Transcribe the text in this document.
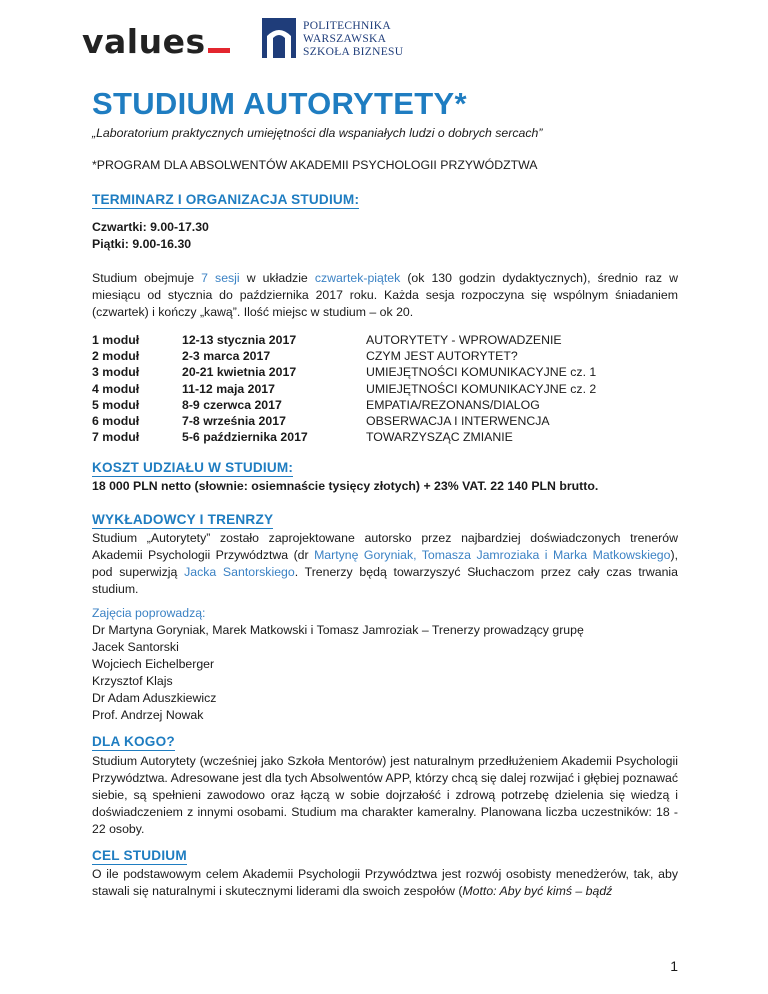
values	POLITECHNIKA
WARSZAWSKA
SZKOŁA BIZNESU
STUDIUM AUTORYTETY*
„Laboratorium praktycznych umiejętności dla wspaniałych ludzi o dobrych sercach”
*PROGRAM DLA ABSOLWENTÓW AKADEMII PSYCHOLOGII PRZYWÓDZTWA
TERMINARZ I ORGANIZACJA STUDIUM:
Czwartki: 9.00-17.30
Piątki: 9.00-16.30
Studium obejmuje 7 sesji w układzie czwartek-piątek (ok 130 godzin dydaktycznych), średnio raz w miesiącu od stycznia do października 2017 roku. Każda sesja rozpoczyna się wspólnym śniadaniem (czwartek) i kończy „kawą”. Ilość miejsc w studium – ok 20.
1 moduł	12-13 stycznia 2017	AUTORYTETY - WPROWADZENIE
2 moduł	2-3 marca 2017	CZYM JEST AUTORYTET?
3 moduł	20-21 kwietnia 2017	UMIEJĘTNOŚCI KOMUNIKACYJNE cz. 1
4 moduł	11-12 maja 2017	UMIEJĘTNOŚCI KOMUNIKACYJNE cz. 2
5 moduł	8-9 czerwca 2017	EMPATIA/REZONANS/DIALOG
6 moduł	7-8 września 2017	OBSERWACJA I INTERWENCJA
7 moduł	5-6 października 2017	TOWARZYSZĄC ZMIANIE
KOSZT UDZIAŁU W STUDIUM:
18 000 PLN netto (słownie: osiemnaście tysięcy złotych) + 23% VAT. 22 140 PLN brutto.
WYKŁADOWCY I TRENRZY
Studium „Autorytety” zostało zaprojektowane autorsko przez najbardziej doświadczonych trenerów Akademii Psychologii Przywództwa (dr Martynę Goryniak, Tomasza Jamroziaka i Marka Matkowskiego), pod superwizją Jacka Santorskiego. Trenerzy będą towarzyszyć Słuchaczom przez cały czas trwania studium.
Zajęcia poprowadzą:
Dr Martyna Goryniak, Marek Matkowski i Tomasz Jamroziak – Trenerzy prowadzący grupę
Jacek Santorski
Wojciech Eichelberger
Krzysztof Klajs
Dr Adam Aduszkiewicz
Prof. Andrzej Nowak
DLA KOGO?
Studium Autorytety (wcześniej jako Szkoła Mentorów) jest naturalnym przedłużeniem Akademii Psychologii Przywództwa. Adresowane jest dla tych Absolwentów APP, którzy chcą się dalej rozwijać i głębiej poznawać siebie, są spełnieni zawodowo oraz łączą w sobie dojrzałość i zdrową potrzebę dzielenia się wiedzą i doświadczeniem z innymi osobami. Studium ma charakter kameralny. Planowana liczba uczestników: 18 - 22 osoby.
CEL STUDIUM
O ile podstawowym celem Akademii Psychologii Przywództwa jest rozwój osobisty menedżerów, tak, aby stawali się naturalnymi i skutecznymi liderami dla swoich zespołów (Motto: Aby być kimś – bądź
1
